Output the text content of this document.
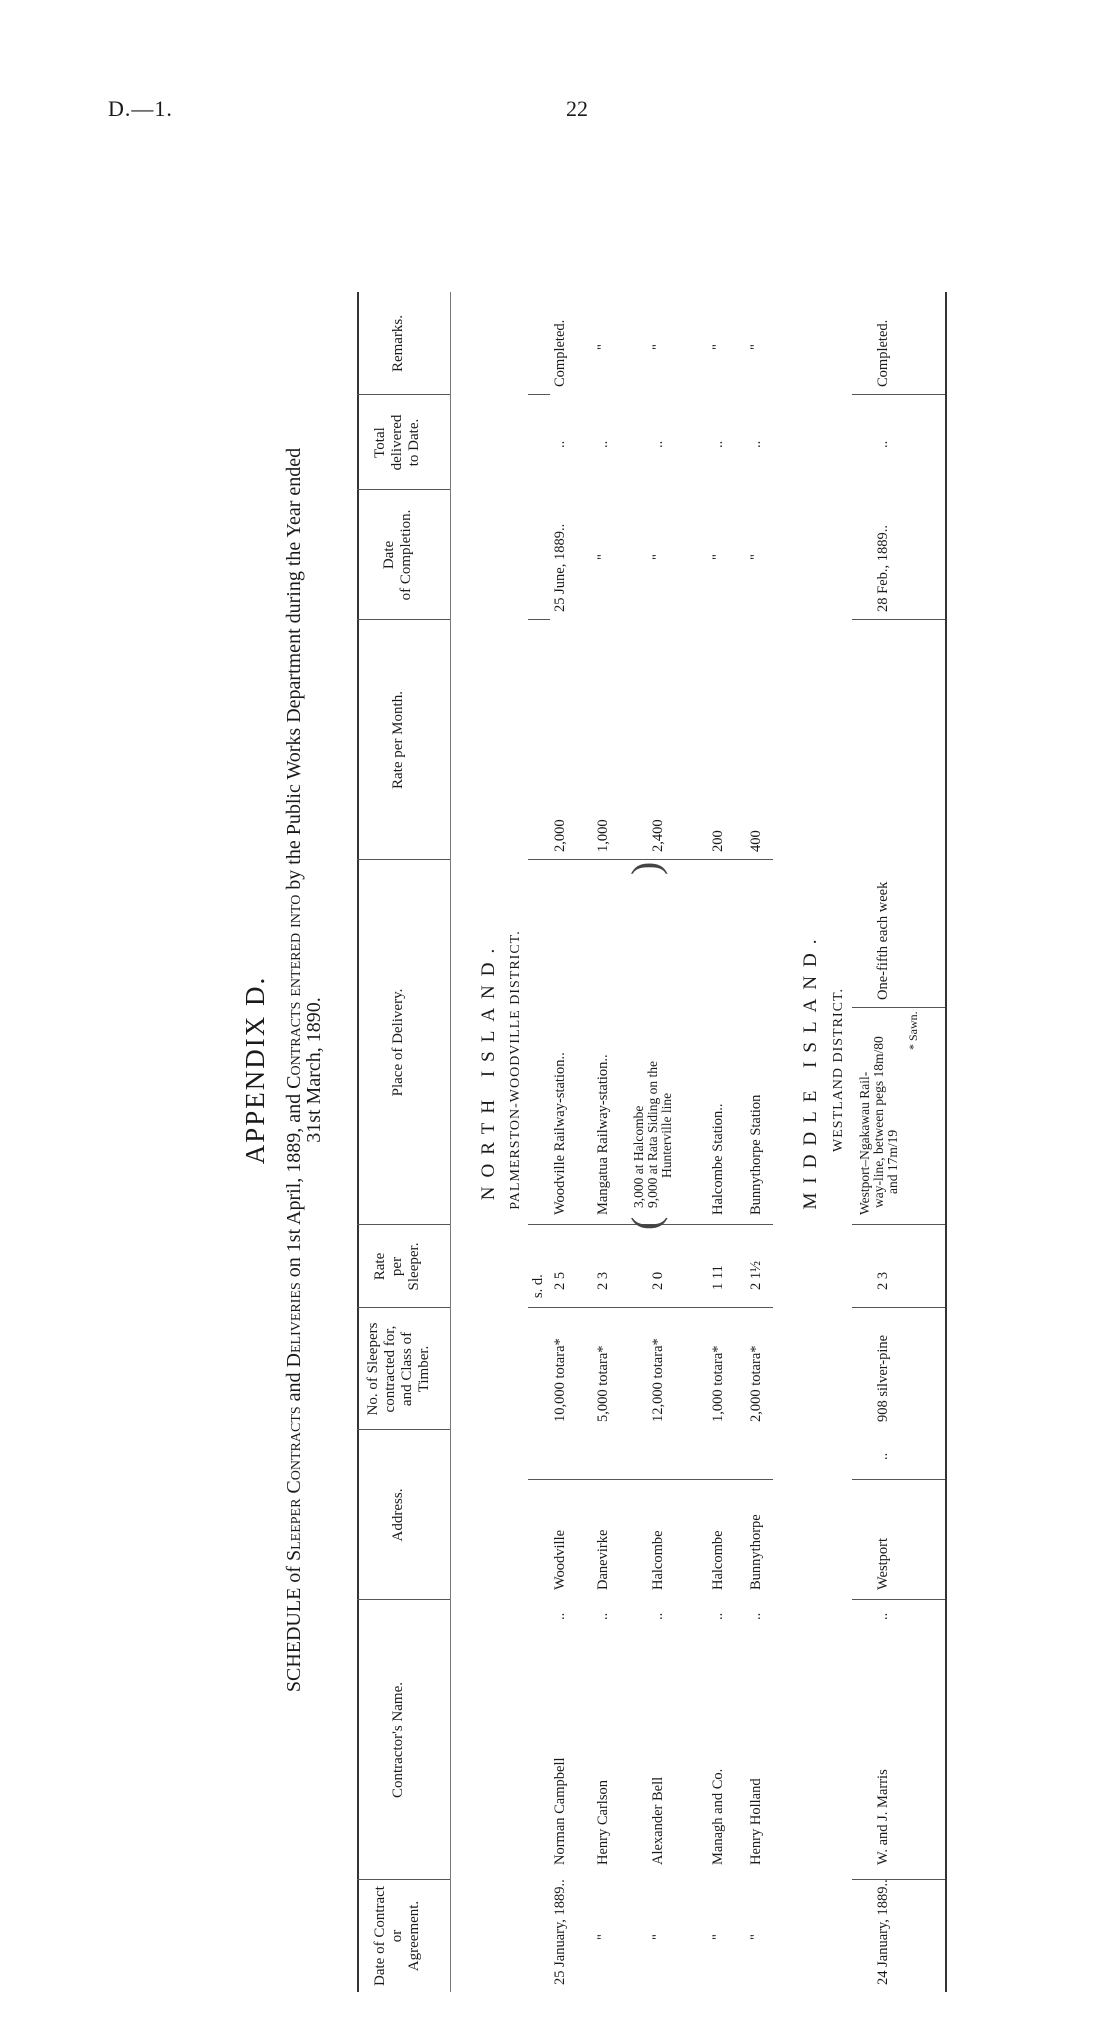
D.—1.	22
APPENDIX D.
SCHEDULE of Sleeper Contracts and Deliveries on 1st April, 1889, and Contracts entered into by the Public Works Department during the Year ended
31st March, 1890.
Date of Contract or Agreement.
Contractor's Name.
Address.
No. of Sleepers contracted for, and Class of Timber.
Rate per Sleeper.
Place of Delivery.
Rate per Month.
Date of Completion.
Total delivered to Date.
Remarks.
NORTH ISLAND. PALMERSTON-WOODVILLE DISTRICT.
s. d.
25 January, 1889..
Norman Campbell
..
Woodville
10,000 totara*
2 5
Woodville Railway-station..
2,000
25 June, 1889..
..
Completed.
"
Henry Carlson
..
Danevirke
5,000 totara*
2 3
Mangatua Railway-station..
1,000
"
..
"
"
Alexander Bell
..
Halcombe
12,000 totara*
2 0
(
3,000 at Halcombe 9,000 at Rata Siding on the Hunterville line
)
2,400
"
..
"
"
Managh and Co.
..
Halcombe
1,000 totara*
1 11
Halcombe Station..
200
"
..
"
"
Henry Holland
..
Bunnythorpe
2,000 totara*
2 1½
Bunnythorpe Station
400
"
..
"
MIDDLE ISLAND. WESTLAND DISTRICT.
24 January, 1889..
W. and J. Marris
..
Westport
..
908 silver-pine
2 3
Westport–Ngakawau Rail- way-line, between pegs 18m/80 and 17m/19
One-fifth each week
28 Feb., 1889..
..
Completed.
* Sawn.
